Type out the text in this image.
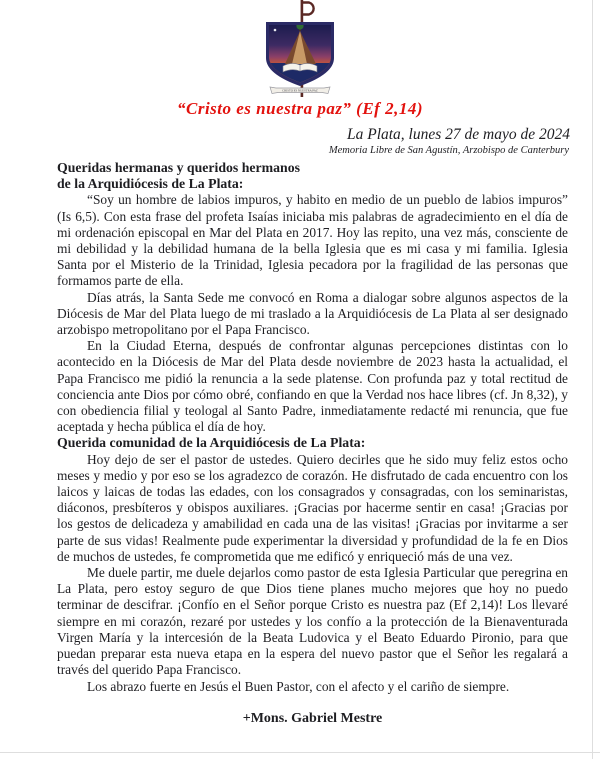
CRISTO ES NUESTRA PAZ
“Cristo es nuestra paz” (Ef 2,14)
La Plata, lunes 27 de mayo de 2024
Memoria Libre de San Agustín, Arzobispo de Canterbury
Queridas hermanas y queridos hermanos
de la Arquidiócesis de La Plata:

“Soy un hombre de labios impuros, y habito en medio de un pueblo de labios impuros” (Is 6,5). Con esta frase del profeta Isaías iniciaba mis palabras de agradecimiento en el día de mi ordenación episcopal en Mar del Plata en 2017. Hoy las repito, una vez más, consciente de mi debilidad y la debilidad humana de la bella Iglesia que es mi casa y mi familia. Iglesia Santa por el Misterio de la Trinidad, Iglesia pecadora por la fragilidad de las personas que formamos parte de ella.

Días atrás, la Santa Sede me convocó en Roma a dialogar sobre algunos aspectos de la Diócesis de Mar del Plata luego de mi traslado a la Arquidiócesis de La Plata al ser designado arzobispo metropolitano por el Papa Francisco.

En la Ciudad Eterna, después de confrontar algunas percepciones distintas con lo acontecido en la Diócesis de Mar del Plata desde noviembre de 2023 hasta la actualidad, el Papa Francisco me pidió la renuncia a la sede platense. Con profunda paz y total rectitud de conciencia ante Dios por cómo obré, confiando en que la Verdad nos hace libres (cf. Jn 8,32), y con obediencia filial y teologal al Santo Padre, inmediatamente redacté mi renuncia, que fue aceptada y hecha pública el día de hoy.

Querida comunidad de la Arquidiócesis de La Plata:

Hoy dejo de ser el pastor de ustedes. Quiero decirles que he sido muy feliz estos ocho meses y medio y por eso se los agradezco de corazón. He disfrutado de cada encuentro con los laicos y laicas de todas las edades, con los consagrados y consagradas, con los seminaristas, diáconos, presbíteros y obispos auxiliares. ¡Gracias por hacerme sentir en casa! ¡Gracias por los gestos de delicadeza y amabilidad en cada una de las visitas! ¡Gracias por invitarme a ser parte de sus vidas! Realmente pude experimentar la diversidad y profundidad de la fe en Dios de muchos de ustedes, fe comprometida que me edificó y enriqueció más de una vez.

Me duele partir, me duele dejarlos como pastor de esta Iglesia Particular que peregrina en La Plata, pero estoy seguro de que Dios tiene planes mucho mejores que hoy no puedo terminar de descifrar. ¡Confío en el Señor porque Cristo es nuestra paz (Ef 2,14)! Los llevaré siempre en mi corazón, rezaré por ustedes y los confío a la protección de la Bienaventurada Virgen María y la intercesión de la Beata Ludovica y el Beato Eduardo Pironio, para que puedan preparar esta nueva etapa en la espera del nuevo pastor que el Señor les regalará a través del querido Papa Francisco.

Los abrazo fuerte en Jesús el Buen Pastor, con el afecto y el cariño de siempre.

+Mons. Gabriel Mestre
